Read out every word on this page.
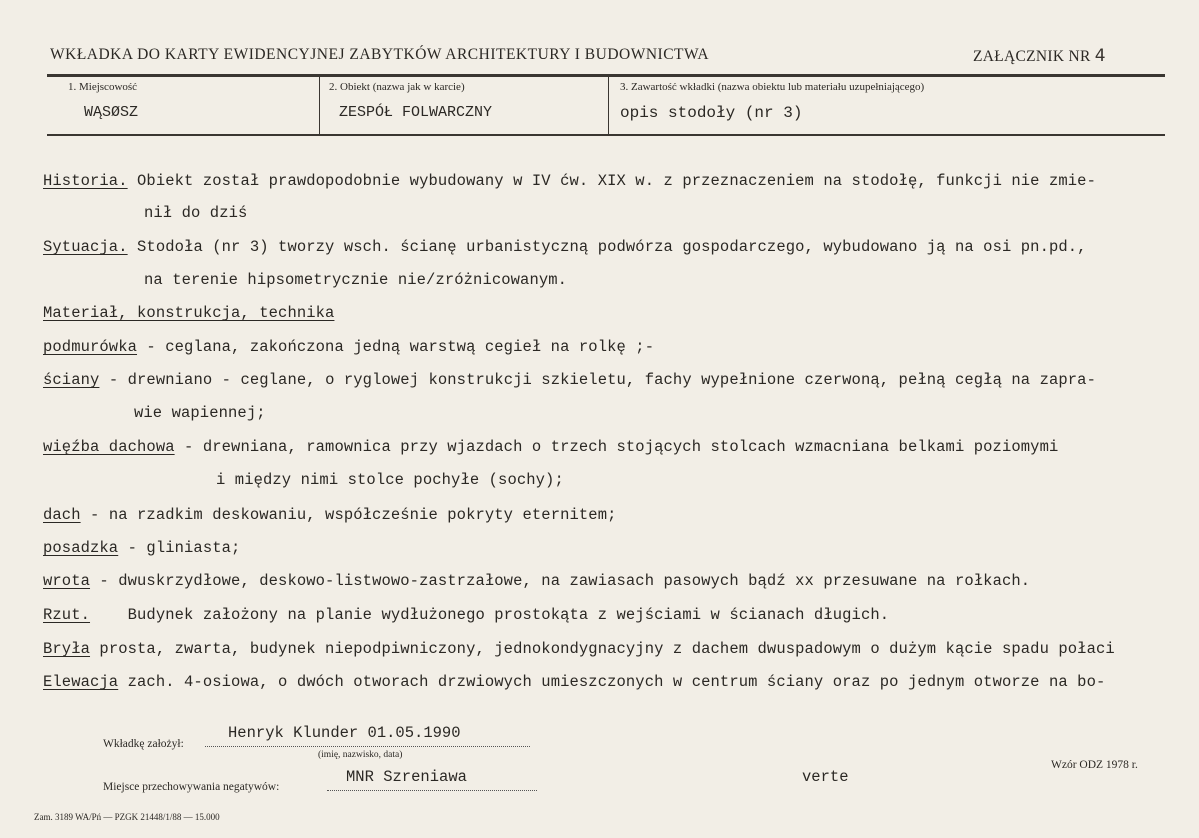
WKŁADKA DO KARTY EWIDENCYJNEJ ZABYTKÓW ARCHITEKTURY I BUDOWNICTWA	ZAŁĄCZNIK NR 4
1. Miejscowość
WĄSØSZ
2. Obiekt (nazwa jak w karcie)
ZESPÓŁ FOLWARCZNY
3. Zawartość wkładki (nazwa obiektu lub materiału uzupełniającego)
opis stodoły (nr 3)
Historia. Obiekt został prawdopodobnie wybudowany w IV ćw. XIX w. z przeznaczeniem na stodołę, funkcji nie zmie-
nił do dziś
Sytuacja. Stodoła (nr 3) tworzy wsch. ścianę urbanistyczną podwórza gospodarczego, wybudowano ją na osi pn.pd.,
na terenie hipsometrycznie nie/zróżnicowanym.
Materiał, konstrukcja, technika
podmurówka - ceglana, zakończona jedną warstwą cegieł na rolkę ;-
ściany - drewniano - ceglane, o ryglowej konstrukcji szkieletu, fachy wypełnione czerwoną, pełną cegłą na zapra-
wie wapiennej;
więźba dachowa - drewniana, ramownica przy wjazdach o trzech stojących stolcach wzmacniana belkami poziomymi
i między nimi stolce pochyłe (sochy);
dach - na rzadkim deskowaniu, współcześnie pokryty eternitem;
posadzka - gliniasta;
wrota - dwuskrzydłowe, deskowo-listwowo-zastrzałowe, na zawiasach pasowych bądź xx przesuwane na rołkach.
Rzut. Budynek założony na planie wydłużonego prostokąta z wejściami w ścianach długich.
Bryła prosta, zwarta, budynek niepodpiwniczony, jednokondygnacyjny z dachem dwuspadowym o dużym kącie spadu połaci
Elewacja zach. 4-osiowa, o dwóch otworach drzwiowych umieszczonych w centrum ściany oraz po jednym otworze na bo-
Wkładkę założył:
Henryk Klunder 01.05.1990
(imię, nazwisko, data)
Miejsce przechowywania negatywów:
MNR Szreniawa	verte
Wzór ODZ 1978 r.
Zam. 3189 WA/Pń — PZGK 21448/1/88 — 15.000
